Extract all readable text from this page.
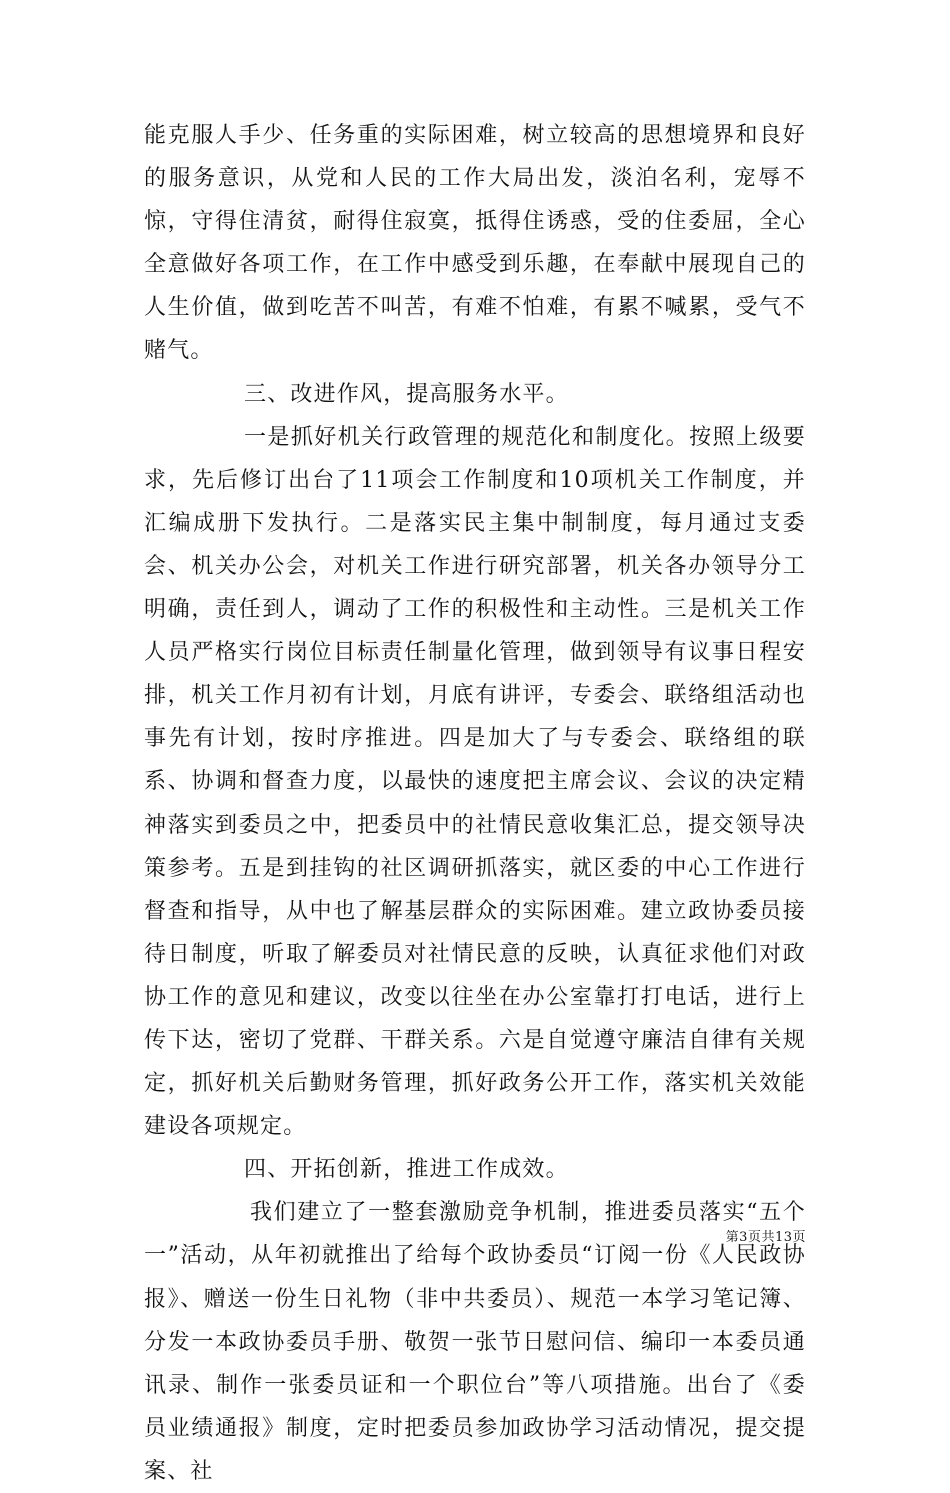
能克服人手少、任务重的实际困难，树立较高的思想境界和良好的服务意识，从党和人民的工作大局出发，淡泊名利，宠辱不惊，守得住清贫，耐得住寂寞，抵得住诱惑，受的住委屈，全心全意做好各项工作，在工作中感受到乐趣，在奉献中展现自己的人生价值，做到吃苦不叫苦，有难不怕难，有累不喊累，受气不赌气。

三、改进作风，提高服务水平。

一是抓好机关行政管理的规范化和制度化。按照上级要求，先后修订出台了11项会工作制度和10项机关工作制度，并汇编成册下发执行。二是落实民主集中制制度，每月通过支委会、机关办公会，对机关工作进行研究部署，机关各办领导分工明确，责任到人，调动了工作的积极性和主动性。三是机关工作人员严格实行岗位目标责任制量化管理，做到领导有议事日程安排，机关工作月初有计划，月底有讲评，专委会、联络组活动也事先有计划，按时序推进。四是加大了与专委会、联络组的联系、协调和督查力度，以最快的速度把主席会议、会议的决定精神落实到委员之中，把委员中的社情民意收集汇总，提交领导决策参考。五是到挂钩的社区调研抓落实，就区委的中心工作进行督查和指导，从中也了解基层群众的实际困难。建立政协委员接待日制度，听取了解委员对社情民意的反映，认真征求他们对政协工作的意见和建议，改变以往坐在办公室靠打打电话，进行上传下达，密切了党群、干群关系。六是自觉遵守廉洁自律有关规定，抓好机关后勤财务管理，抓好政务公开工作，落实机关效能建设各项规定。

四、开拓创新，推进工作成效。

我们建立了一整套激励竞争机制，推进委员落实“五个一”活动，从年初就推出了给每个政协委员“订阅一份《人民政协报》、赠送一份生日礼物（非中共委员）、规范一本学习笔记簿、分发一本政协委员手册、敬贺一张节日慰问信、编印一本委员通讯录、制作一张委员证和一个职位台”等八项措施。出台了《委员业绩通报》制度，定时把委员参加政协学习活动情况，提交提案、社

第3页共13页
